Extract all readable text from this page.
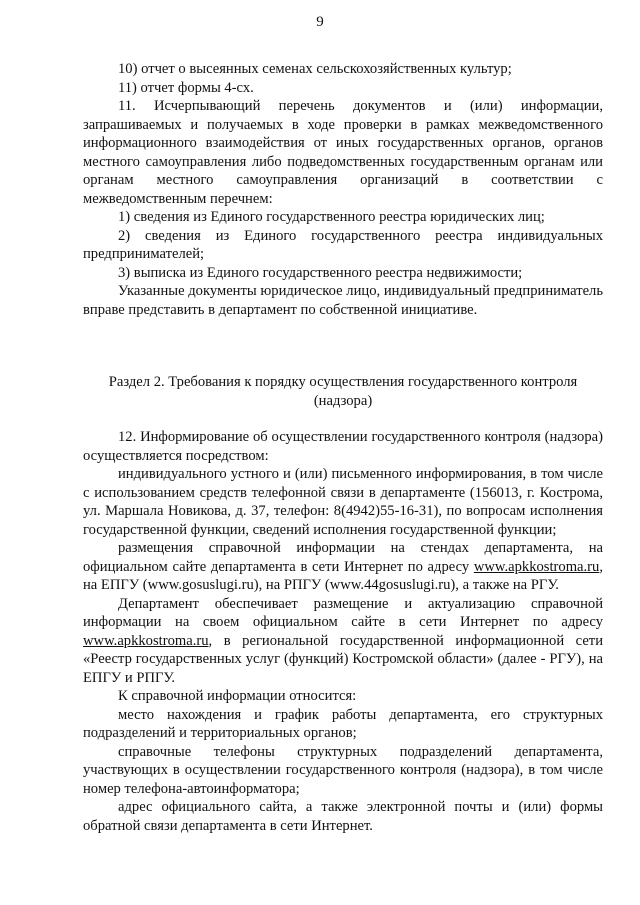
9

10) отчет о высеянных семенах сельскохозяйственных культур;

11) отчет формы 4-сх.

11. Исчерпывающий перечень документов и (или) информации, запрашиваемых и получаемых в ходе проверки в рамках межведомственного информационного взаимодействия от иных государственных органов, органов местного самоуправления либо подведомственных государственным органам или органам местного самоуправления организаций в соответствии с межведомственным перечнем:

1) сведения из Единого государственного реестра юридических лиц;

2) сведения из Единого государственного реестра индивидуальных предпринимателей;

3) выписка из Единого государственного реестра недвижимости;

Указанные документы юридическое лицо, индивидуальный предприниматель вправе представить в департамент по собственной инициативе.

Раздел 2. Требования к порядку осуществления государственного контроля (надзора)

12. Информирование об осуществлении государственного контроля (надзора) осуществляется посредством:

индивидуального устного и (или) письменного информирования, в том числе с использованием средств телефонной связи в департаменте (156013, г. Кострома, ул. Маршала Новикова, д. 37, телефон: 8(4942)55-16-31), по вопросам исполнения государственной функции, сведений исполнения государственной функции;

размещения справочной информации на стендах департамента, на официальном сайте департамента в сети Интернет по адресу www.apkkostroma.ru, на ЕПГУ (www.gosuslugi.ru), на РПГУ (www.44gosuslugi.ru), а также на РГУ.

Департамент обеспечивает размещение и актуализацию справочной информации на своем официальном сайте в сети Интернет по адресу www.apkkostroma.ru, в региональной государственной информационной сети «Реестр государственных услуг (функций) Костромской области» (далее - РГУ), на ЕПГУ и РПГУ.

К справочной информации относится:

место нахождения и график работы департамента, его структурных подразделений и территориальных органов;

справочные телефоны структурных подразделений департамента, участвующих в осуществлении государственного контроля (надзора), в том числе номер телефона-автоинформатора;

адрес официального сайта, а также электронной почты и (или) формы обратной связи департамента в сети Интернет.
